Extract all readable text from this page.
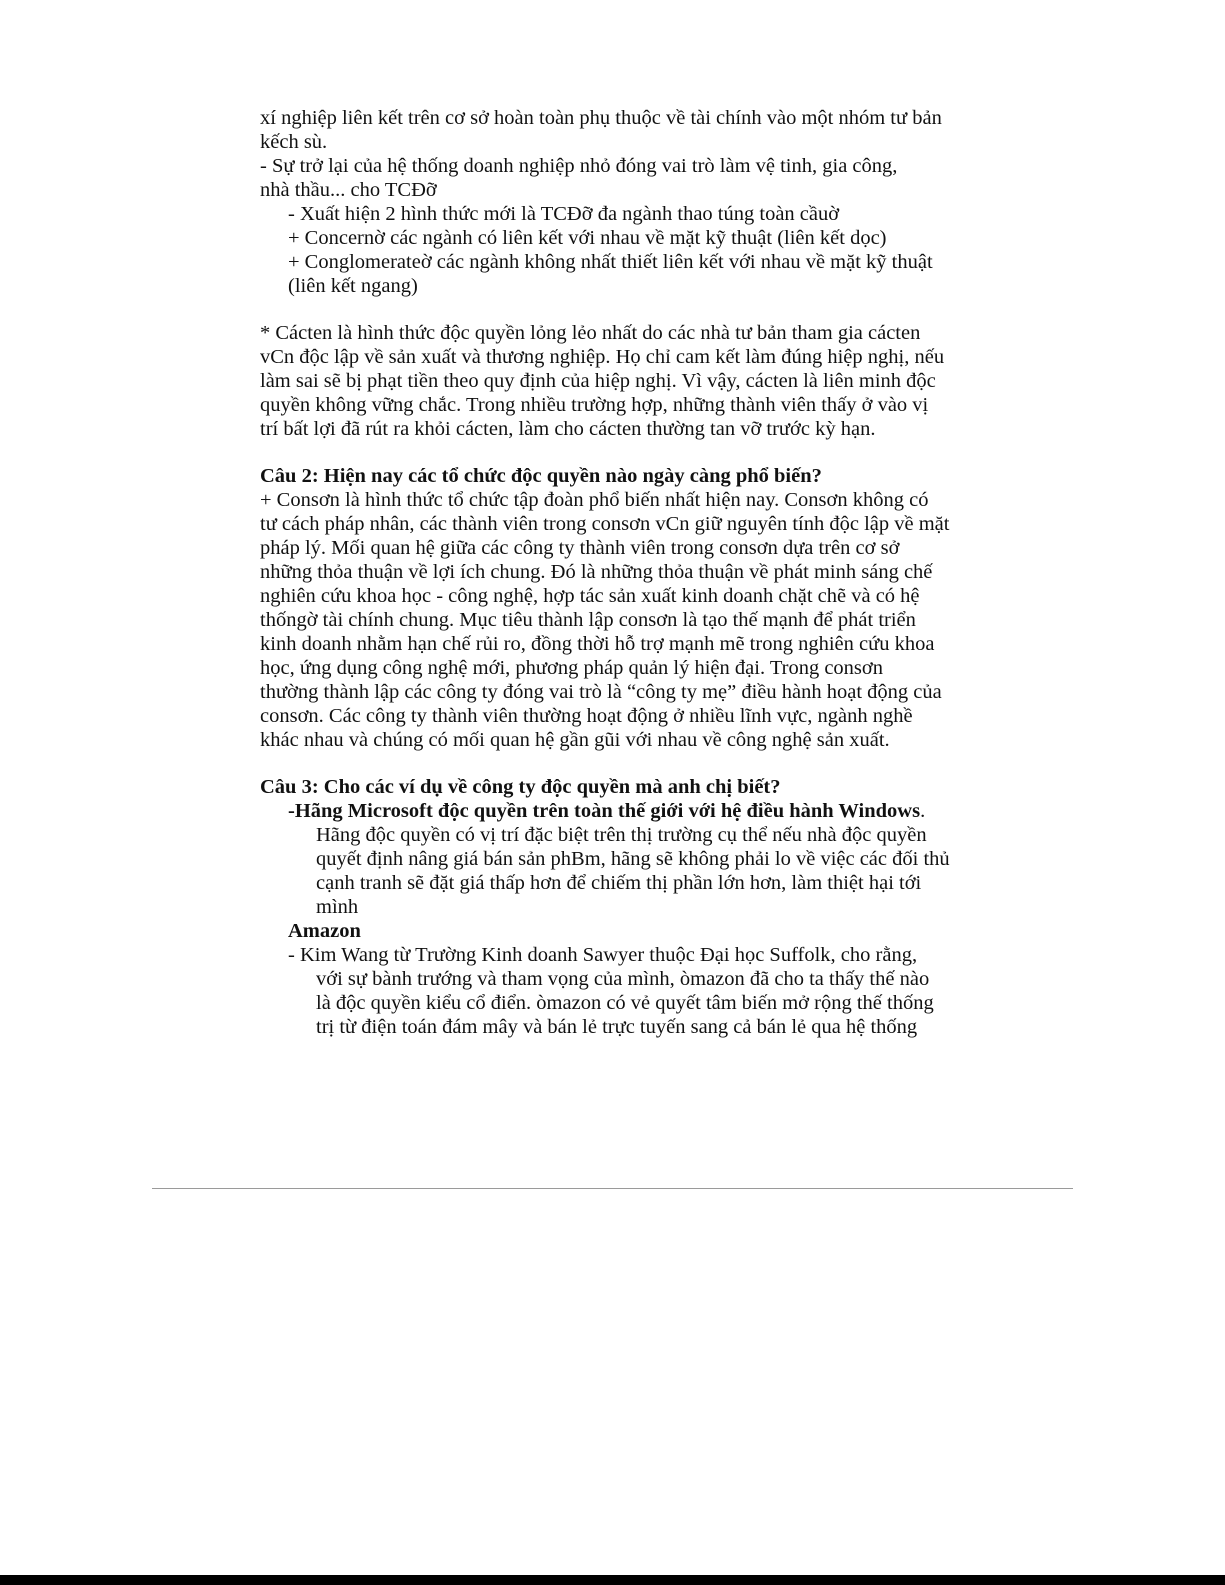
xí nghiệp liên kết trên cơ sở hoàn toàn phụ thuộc về tài chính vào một nhóm tư bản
kếch sù.
- Sự trở lại của hệ thống doanh nghiệp nhỏ đóng vai trò làm vệ tinh, gia công,
nhà thầu... cho TCĐỡ
- Xuất hiện 2 hình thức mới là TCĐỡ đa ngành thao túng toàn cầuờ
+ Concernờ các ngành có liên kết với nhau về mặt kỹ thuật (liên kết dọc)
+ Conglomerateờ các ngành không nhất thiết liên kết với nhau về mặt kỹ thuật
(liên kết ngang)
* Cácten là hình thức độc quyền lỏng lẻo nhất do các nhà tư bản tham gia cácten
vCn độc lập về sản xuất và thương nghiệp. Họ chỉ cam kết làm đúng hiệp nghị, nếu
làm sai sẽ bị phạt tiền theo quy định của hiệp nghị. Vì vậy, cácten là liên minh độc
quyền không vững chắc. Trong nhiều trường hợp, những thành viên thấy ở vào vị
trí bất lợi đã rút ra khỏi cácten, làm cho cácten thường tan vỡ trước kỳ hạn.
Câu 2: Hiện nay các tổ chức độc quyền nào ngày càng phổ biến?
+ Consơn là hình thức tổ chức tập đoàn phổ biến nhất hiện nay. Consơn không có
tư cách pháp nhân, các thành viên trong consơn vCn giữ nguyên tính độc lập về mặt
pháp lý. Mối quan hệ giữa các công ty thành viên trong consơn dựa trên cơ sở
những thỏa thuận về lợi ích chung. Đó là những thỏa thuận về phát minh sáng chế
nghiên cứu khoa học - công nghệ, hợp tác sản xuất kinh doanh chặt chẽ và có hệ
thốngờ tài chính chung. Mục tiêu thành lập consơn là tạo thế mạnh để phát triển
kinh doanh nhằm hạn chế rủi ro, đồng thời hỗ trợ mạnh mẽ trong nghiên cứu khoa
học, ứng dụng công nghệ mới, phương pháp quản lý hiện đại. Trong consơn
thường thành lập các công ty đóng vai trò là “công ty mẹ” điều hành hoạt động của
consơn. Các công ty thành viên thường hoạt động ở nhiều lĩnh vực, ngành nghề
khác nhau và chúng có mối quan hệ gần gũi với nhau về công nghệ sản xuất.
Câu 3: Cho các ví dụ về công ty độc quyền mà anh chị biết?
-Hãng Microsoft độc quyền trên toàn thế giới với hệ điều hành Windows.
Hãng độc quyền có vị trí đặc biệt trên thị trường cụ thể nếu nhà độc quyền
quyết định nâng giá bán sản phBm, hãng sẽ không phải lo về việc các đối thủ
cạnh tranh sẽ đặt giá thấp hơn để chiếm thị phần lớn hơn, làm thiệt hại tới
mình
Amazon
- Kim Wang từ Trường Kinh doanh Sawyer thuộc Đại học Suffolk, cho rằng,
với sự bành trướng và tham vọng của mình, òmazon đã cho ta thấy thế nào
là độc quyền kiểu cổ điển. òmazon có vẻ quyết tâm biến mở rộng thế thống
trị từ điện toán đám mây và bán lẻ trực tuyến sang cả bán lẻ qua hệ thống
